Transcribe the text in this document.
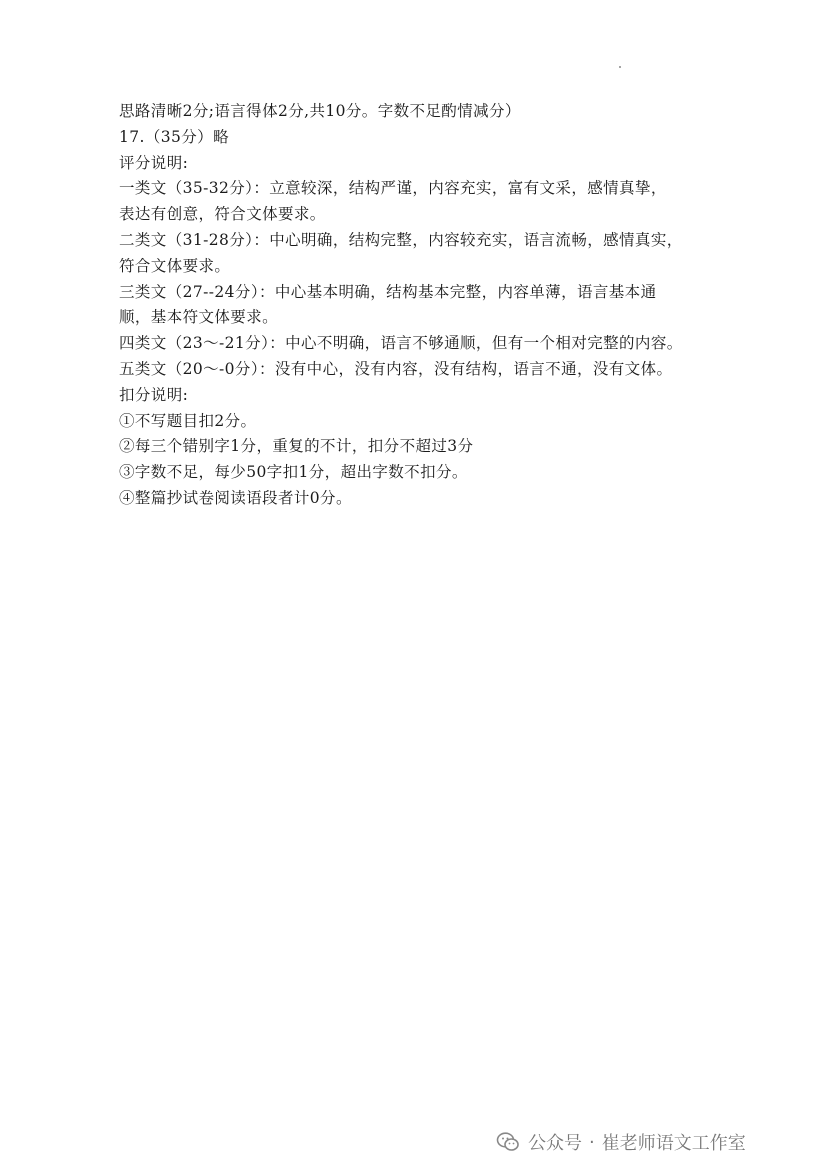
思路清晰2分;语言得体2分,共10分。字数不足酌情减分）
17.（35分）略
评分说明:
一类文（35-32分）：立意较深，结构严谨，内容充实，富有文采，感情真挚，
表达有创意，符合文体要求。
二类文（31-28分）：中心明确，结构完整，内容较充实，语言流畅，感情真实，
符合文体要求。
三类文（27--24分）：中心基本明确，结构基本完整，内容单薄，语言基本通
顺，基本符文体要求。
四类文（23～-21分）：中心不明确，语言不够通顺，但有一个相对完整的内容。
五类文（20～-0分）：没有中心，没有内容，没有结构，语言不通，没有文体。
扣分说明:
①不写题目扣2分。
②每三个错别字1分，重复的不计，扣分不超过3分
③字数不足，每少50字扣1分，超出字数不扣分。
④整篇抄试卷阅读语段者计0分。
公众号 · 崔老师语文工作室
